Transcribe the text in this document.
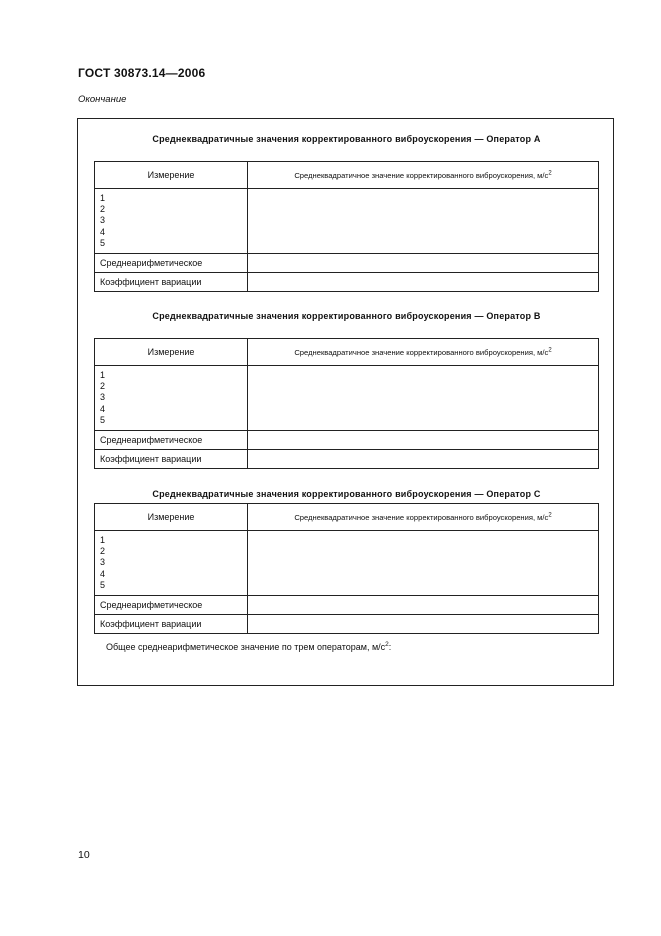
ГОСТ 30873.14—2006
Окончание
Среднеквадратичные значения корректированного виброускорения — Оператор A
Измерение	Среднеквадратичное значение корректированного виброускорения, $м/с^2$

1
2
3
4
5	

Среднеарифметическое	
Коэффициент вариации	
Среднеквадратичные значения корректированного виброускорения — Оператор B
Измерение	Среднеквадратичное значение корректированного виброускорения, $м/с^2$

1
2
3
4
5	

Среднеарифметическое	
Коэффициент вариации	
Среднеквадратичные значения корректированного виброускорения — Оператор C
Измерение	Среднеквадратичное значение корректированного виброускорения, $м/с^2$

1
2
3
4
5	

Среднеарифметическое	
Коэффициент вариации	
Общее среднеарифметическое значение по трем операторам, $м/с^2$:
10
